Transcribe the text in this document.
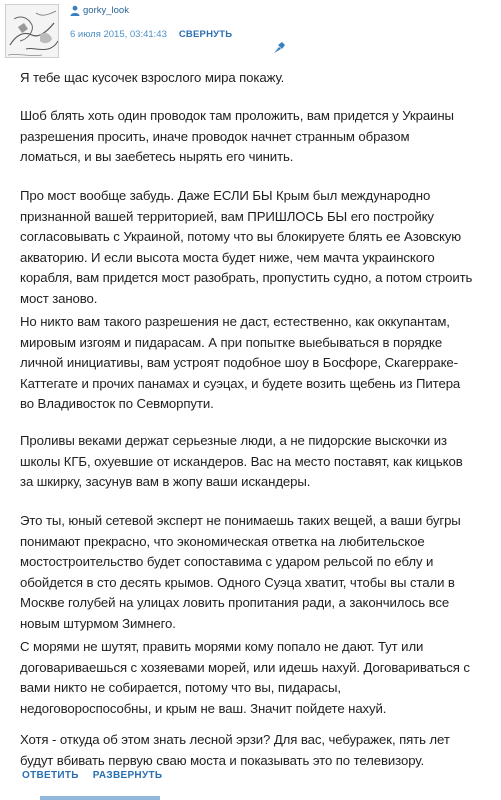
gorky_look
6 июля 2015, 03:41:43 СВЕРНУТЬ

Я тебе щас кусочек взрослого мира покажу.

Шоб блять хоть один проводок там проложить, вам придется у Украины
разрешения просить, иначе проводок начнет странным образом
ломаться, и вы заебетесь нырять его чинить.

Про мост вообще забудь. Даже ЕСЛИ БЫ Крым был международно
признанной вашей территорией, вам ПРИШЛОСЬ БЫ его постройку
согласовывать с Украиной, потому что вы блокируете блять ее Азовскую
акваторию. И если высота моста будет ниже, чем мачта украинского
корабля, вам придется мост разобрать, пропустить судно, а потом строить
мост заново.

Но никто вам такого разрешения не даст, естественно, как оккупантам,
мировым изгоям и пидарасам. А при попытке выебываться в порядке
личной инициативы, вам устроят подобное шоу в Босфоре, Скагерраке-
Каттегате и прочих панамах и суэцах, и будете возить щебень из Питера
во Владивосток по Севморпути.

Проливы веками держат серьезные люди, а не пидорские выскочки из
школы КГБ, охуевшие от искандеров. Вас на место поставят, как кицьков
за шкирку, засунув вам в жопу ваши искандеры.

Это ты, юный сетевой эксперт не понимаешь таких вещей, а ваши бугры
понимают прекрасно, что экономическая ответка на любительское
мостостроительство будет сопоставима с ударом рельсой по еблу и
обойдется в сто десять крымов. Одного Суэца хватит, чтобы вы стали в
Москве голубей на улицах ловить пропитания ради, а закончилось все
новым штурмом Зимнего.

С морями не шутят, править морями кому попало не дают. Тут или
договариваешься с хозяевами морей, или идешь нахуй. Договариваться с
вами никто не собирается, потому что вы, пидарасы,
недоговороспособны, и крым не ваш. Значит пойдете нахуй.

Хотя - откуда об этом знать лесной эрзи? Для вас, чебуражек, пять лет
будут вбивать первую сваю моста и показывать это по телевизору.

ОТВЕТИТЬ РАЗВЕРНУТЬ
